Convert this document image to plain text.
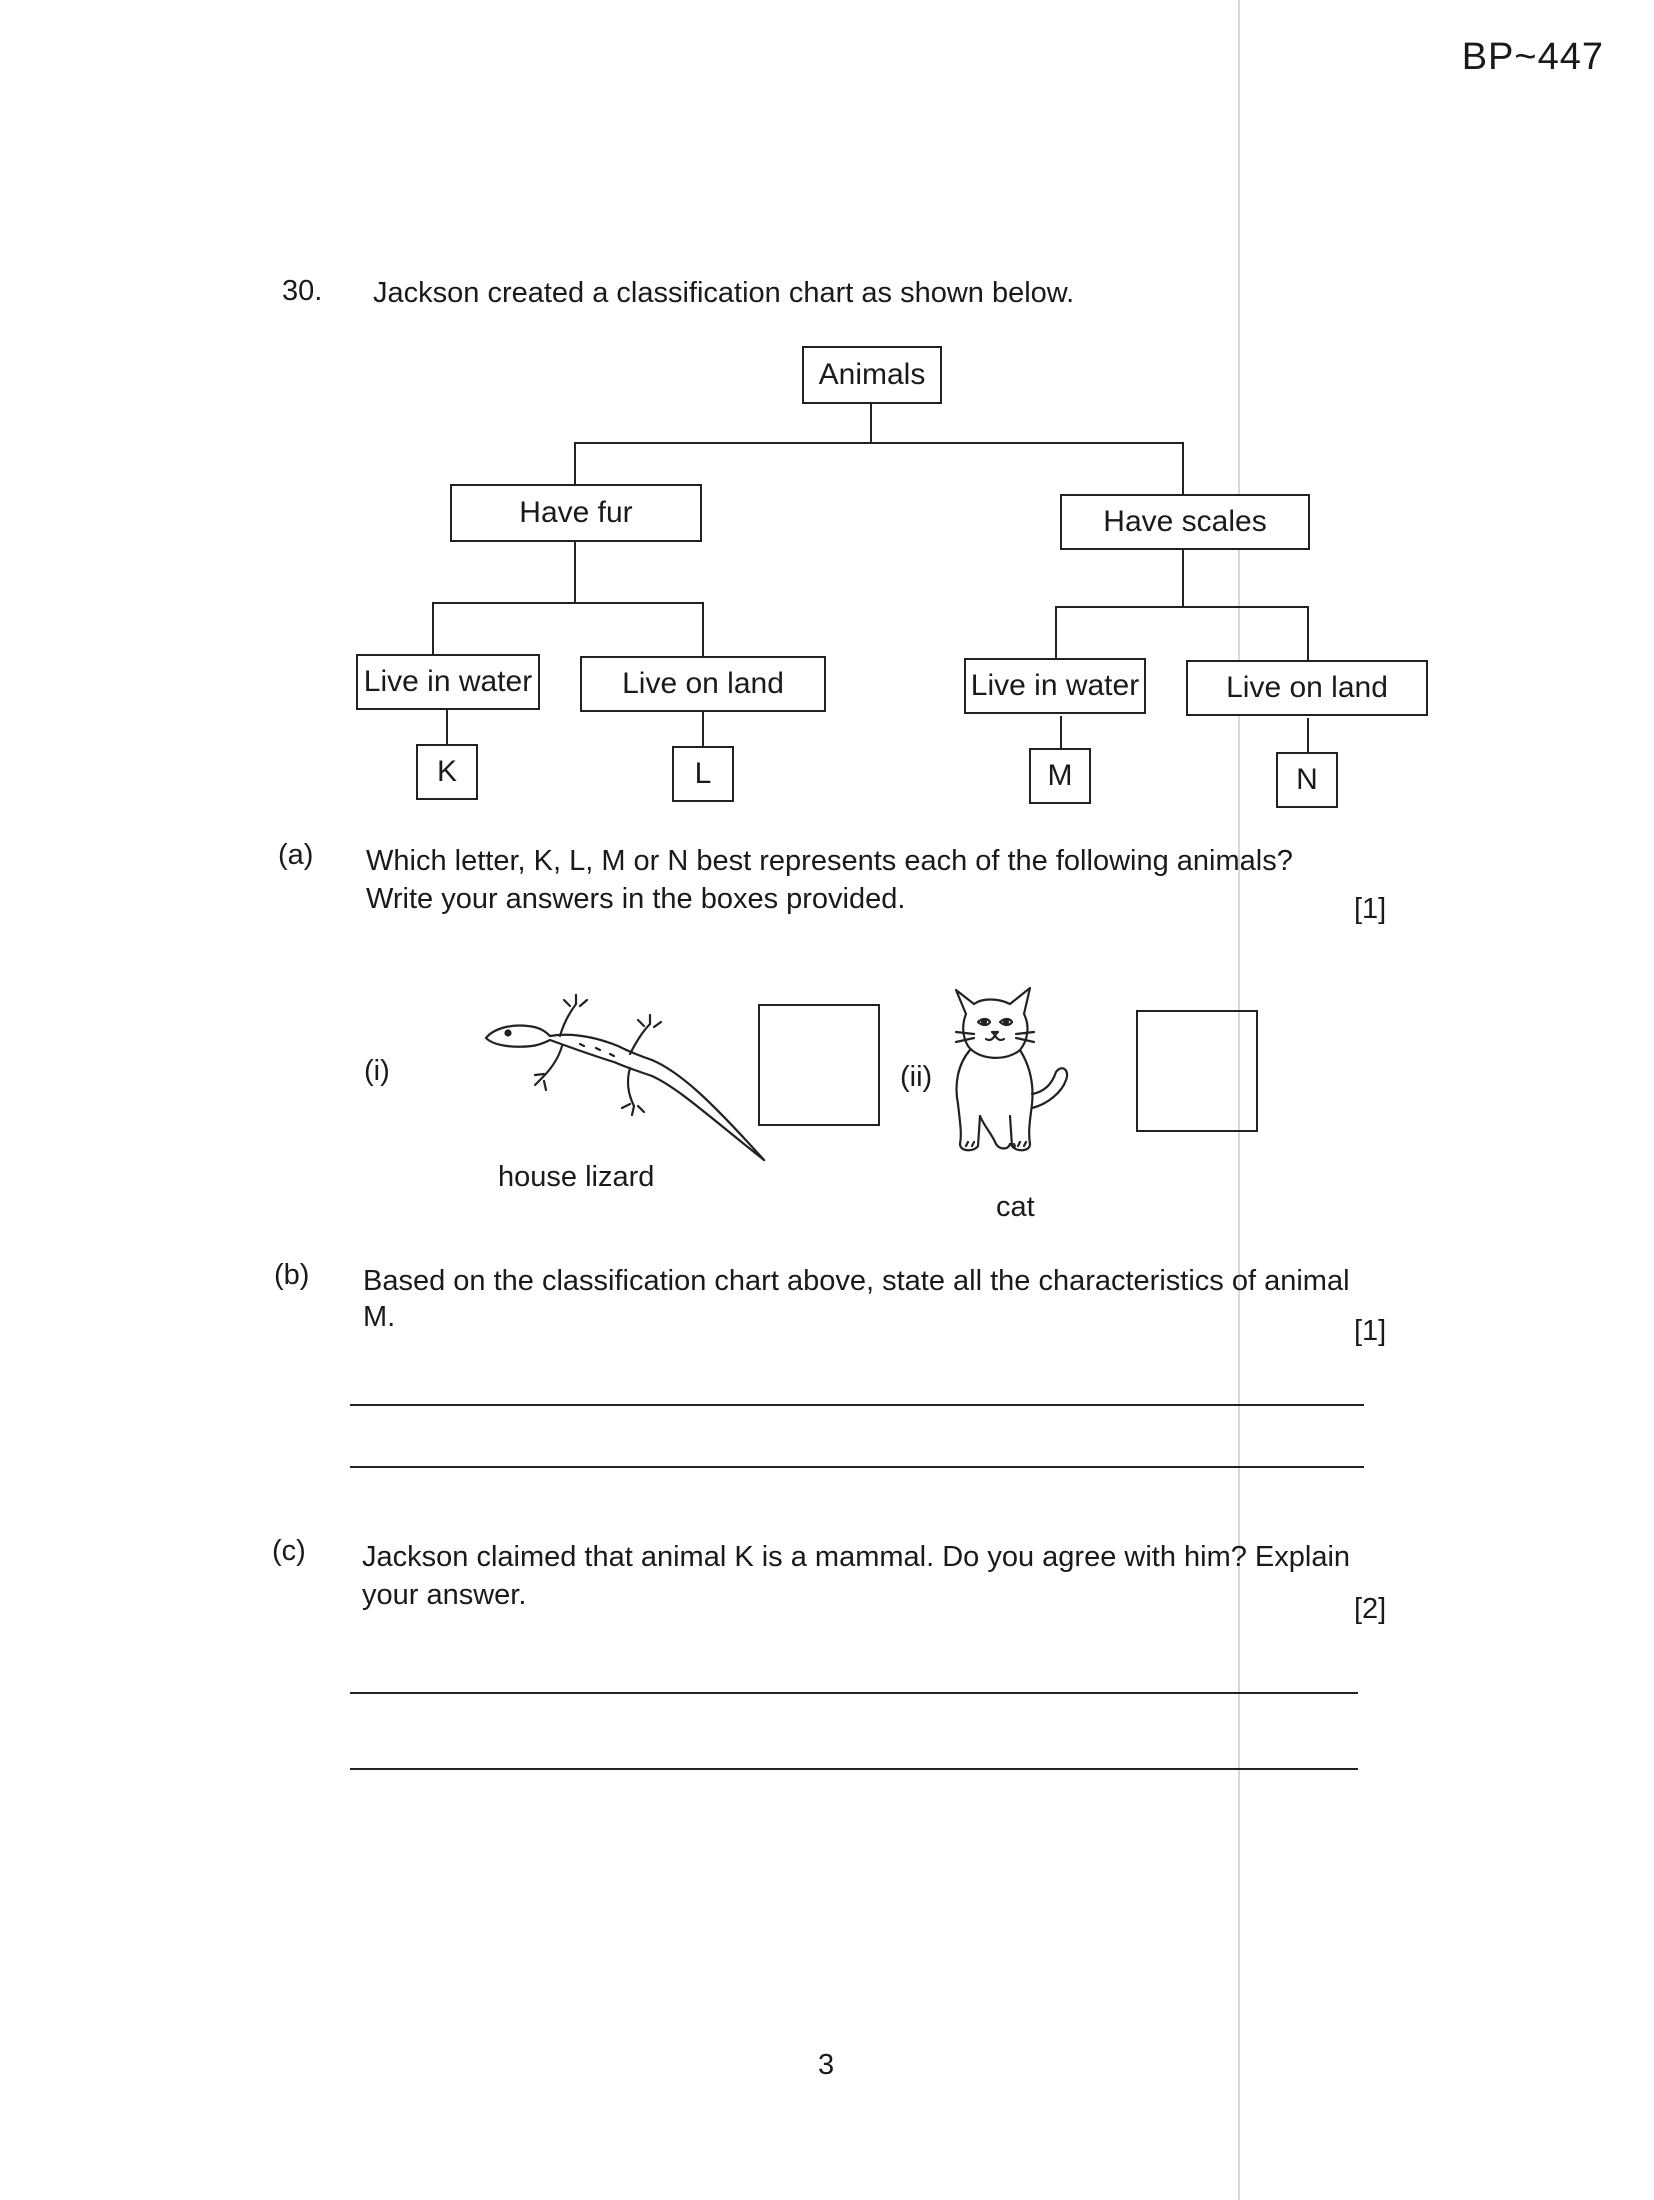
BP~447
30. Jackson created a classification chart as shown below.
Animals
Have fur	Have scales
Live in water	Live on land	Live in water	Live on land
K	L	M	N
(a) Which letter, K, L, M or N best represents each of the following animals?
Write your answers in the boxes provided.	[1]
(i)
house lizard
(ii)
cat
(b) Based on the classification chart above, state all the characteristics of animal
M.	[1]
(c) Jackson claimed that animal K is a mammal. Do you agree with him? Explain
your answer.	[2]
3
